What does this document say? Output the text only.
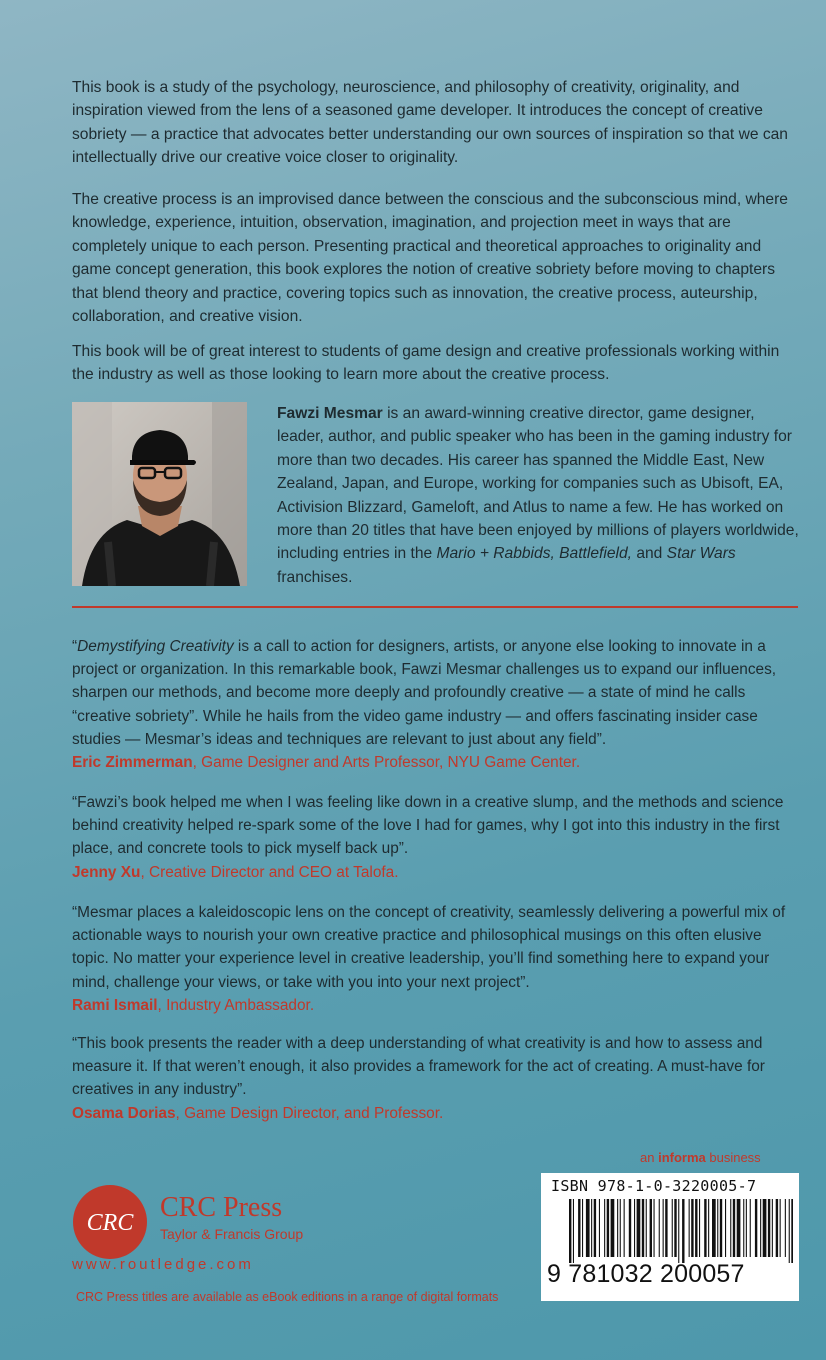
This book is a study of the psychology, neuroscience, and philosophy of creativity, originality, and inspiration viewed from the lens of a seasoned game developer. It introduces the concept of creative sobriety — a practice that advocates better understanding our own sources of inspiration so that we can intellectually drive our creative voice closer to originality.

The creative process is an improvised dance between the conscious and the subconscious mind, where knowledge, experience, intuition, observation, imagination, and projection meet in ways that are completely unique to each person. Presenting practical and theoretical approaches to originality and game concept generation, this book explores the notion of creative sobriety before moving to chapters that blend theory and practice, covering topics such as innovation, the creative process, auteurship, collaboration, and creative vision.

This book will be of great interest to students of game design and creative professionals working within the industry as well as those looking to learn more about the creative process.

Fawzi Mesmar is an award-winning creative director, game designer, leader, author, and public speaker who has been in the gaming industry for more than two decades. His career has spanned the Middle East, New Zealand, Japan, and Europe, working for companies such as Ubisoft, EA, Activision Blizzard, Gameloft, and Atlus to name a few. He has worked on more than 20 titles that have been enjoyed by millions of players worldwide, including entries in the Mario + Rabbids, Battlefield, and Star Wars franchises.

“Demystifying Creativity is a call to action for designers, artists, or anyone else looking to innovate in a project or organization. In this remarkable book, Fawzi Mesmar challenges us to expand our influences, sharpen our methods, and become more deeply and profoundly creative — a state of mind he calls “creative sobriety”. While he hails from the video game industry — and offers fascinating insider case studies — Mesmar’s ideas and techniques are relevant to just about any field”.

Eric Zimmerman, Game Designer and Arts Professor, NYU Game Center.

“Fawzi’s book helped me when I was feeling like down in a creative slump, and the methods and science behind creativity helped re-spark some of the love I had for games, why I got into this industry in the first place, and concrete tools to pick myself back up”.

Jenny Xu, Creative Director and CEO at Talofa.

“Mesmar places a kaleidoscopic lens on the concept of creativity, seamlessly delivering a powerful mix of actionable ways to nourish your own creative practice and philosophical musings on this often elusive topic. No matter your experience level in creative leadership, you’ll find something here to expand your mind, challenge your views, or take with you into your next project”.

Rami Ismail, Industry Ambassador.

“This book presents the reader with a deep understanding of what creativity is and how to assess and measure it. If that weren’t enough, it also provides a framework for the act of creating. A must-have for creatives in any industry”.

Osama Dorias, Game Design Director, and Professor.

an informa business
CRC CRC Press
Taylor & Francis Group
www.routledge.com
CRC Press titles are available as eBook editions in a range of digital formats
ISBN 978-1-0-3220005-7
9 781032 200057
